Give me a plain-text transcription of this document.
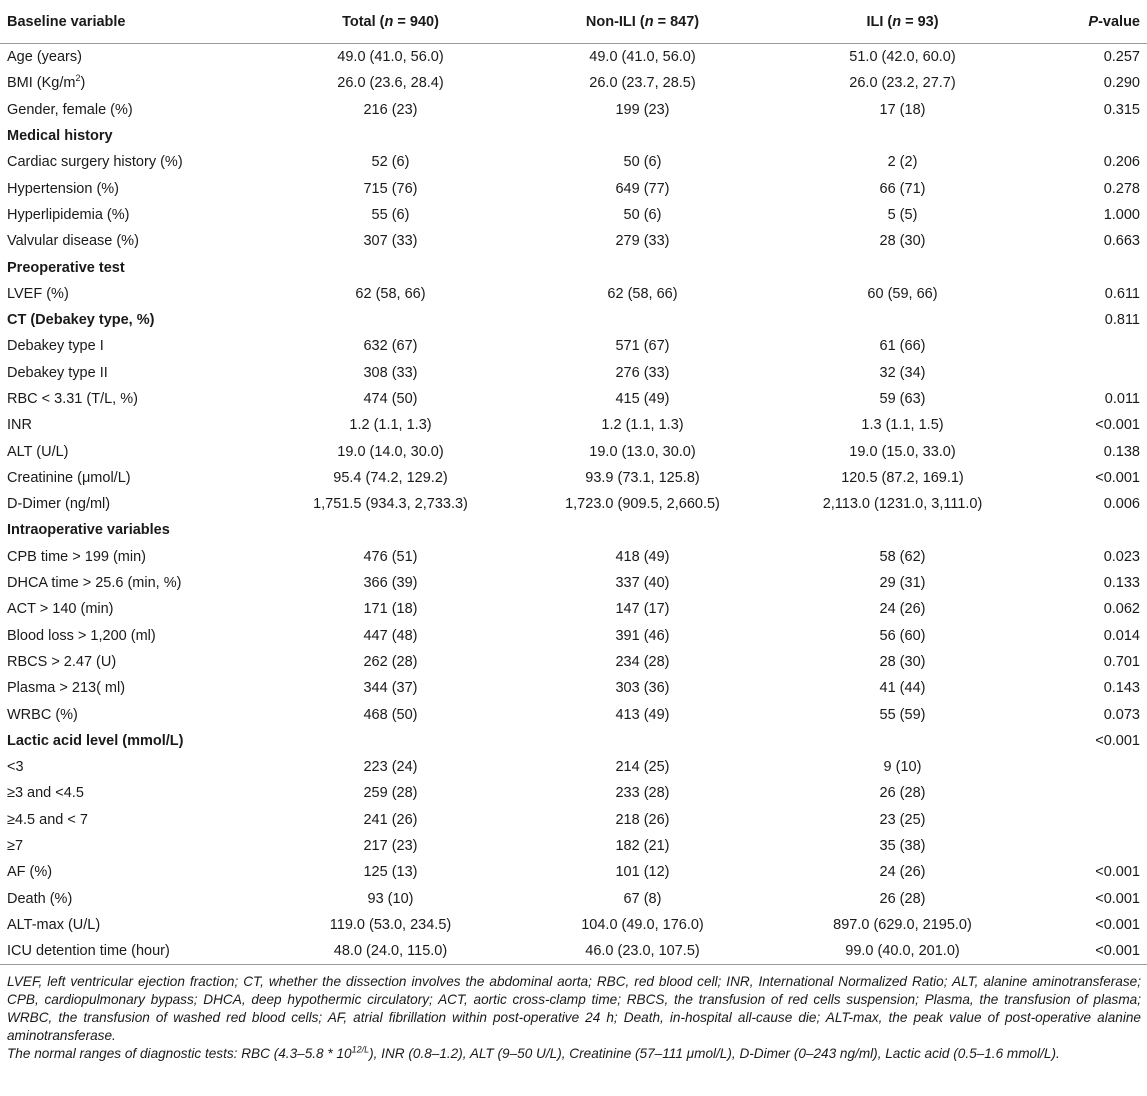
Baseline variable	Total (n = 940)	Non-ILI (n = 847)	ILI (n = 93)	P-value
Age (years)	49.0 (41.0, 56.0)	49.0 (41.0, 56.0)	51.0 (42.0, 60.0)	0.257
BMI $(Kg/m^2)$	26.0 (23.6, 28.4)	26.0 (23.7, 28.5)	26.0 (23.2, 27.7)	0.290
Gender, female (%)	216 (23)	199 (23)	17 (18)	0.315
Medical history				
Cardiac surgery history (%)	52 (6)	50 (6)	2 (2)	0.206
Hypertension (%)	715 (76)	649 (77)	66 (71)	0.278
Hyperlipidemia (%)	55 (6)	50 (6)	5 (5)	1.000
Valvular disease (%)	307 (33)	279 (33)	28 (30)	0.663
Preoperative test				
LVEF (%)	62 (58, 66)	62 (58, 66)	60 (59, 66)	0.611
CT (Debakey type, %)				0.811
Debakey type I	632 (67)	571 (67)	61 (66)	
Debakey type II	308 (33)	276 (33)	32 (34)	
RBC < 3.31 (T/L, %)	474 (50)	415 (49)	59 (63)	0.011
INR	1.2 (1.1, 1.3)	1.2 (1.1, 1.3)	1.3 (1.1, 1.5)	<0.001
ALT (U/L)	19.0 (14.0, 30.0)	19.0 (13.0, 30.0)	19.0 (15.0, 33.0)	0.138
Creatinine (μmol/L)	95.4 (74.2, 129.2)	93.9 (73.1, 125.8)	120.5 (87.2, 169.1)	<0.001
D-Dimer (ng/ml)	1,751.5 (934.3, 2,733.3)	1,723.0 (909.5, 2,660.5)	2,113.0 (1231.0, 3,111.0)	0.006
Intraoperative variables				
CPB time > 199 (min)	476 (51)	418 (49)	58 (62)	0.023
DHCA time > 25.6 (min, %)	366 (39)	337 (40)	29 (31)	0.133
ACT > 140 (min)	171 (18)	147 (17)	24 (26)	0.062
Blood loss > 1,200 (ml)	447 (48)	391 (46)	56 (60)	0.014
RBCS > 2.47 (U)	262 (28)	234 (28)	28 (30)	0.701
Plasma > 213( ml)	344 (37)	303 (36)	41 (44)	0.143
WRBC (%)	468 (50)	413 (49)	55 (59)	0.073
Lactic acid level (mmol/L)				<0.001
<3	223 (24)	214 (25)	9 (10)	
≥3 and <4.5	259 (28)	233 (28)	26 (28)	
≥4.5 and < 7	241 (26)	218 (26)	23 (25)	
≥7	217 (23)	182 (21)	35 (38)	
AF (%)	125 (13)	101 (12)	24 (26)	<0.001
Death (%)	93 (10)	67 (8)	26 (28)	<0.001
ALT-max (U/L)	119.0 (53.0, 234.5)	104.0 (49.0, 176.0)	897.0 (629.0, 2195.0)	<0.001
ICU detention time (hour)	48.0 (24.0, 115.0)	46.0 (23.0, 107.5)	99.0 (40.0, 201.0)	<0.001

LVEF, left ventricular ejection fraction; CT, whether the dissection involves the abdominal aorta; RBC, red blood cell; INR, International Normalized Ratio; ALT, alanine aminotransferase; CPB, cardiopulmonary bypass; DHCA, deep hypothermic circulatory; ACT, aortic cross-clamp time; RBCS, the transfusion of red cells suspension; Plasma, the transfusion of plasma; WRBC, the transfusion of washed red blood cells; AF, atrial fibrillation within post-operative 24 h; Death, in-hospital all-cause die; ALT-max, the peak value of post-operative alanine aminotransferase.

The normal ranges of diagnostic tests: RBC $(4.3-5.8 * 10^{12/L})$, INR (0.8–1.2), ALT (9–50 U/L), Creatinine (57–111 μmol/L), D-Dimer (0–243 ng/ml), Lactic acid (0.5–1.6 mmol/L).
